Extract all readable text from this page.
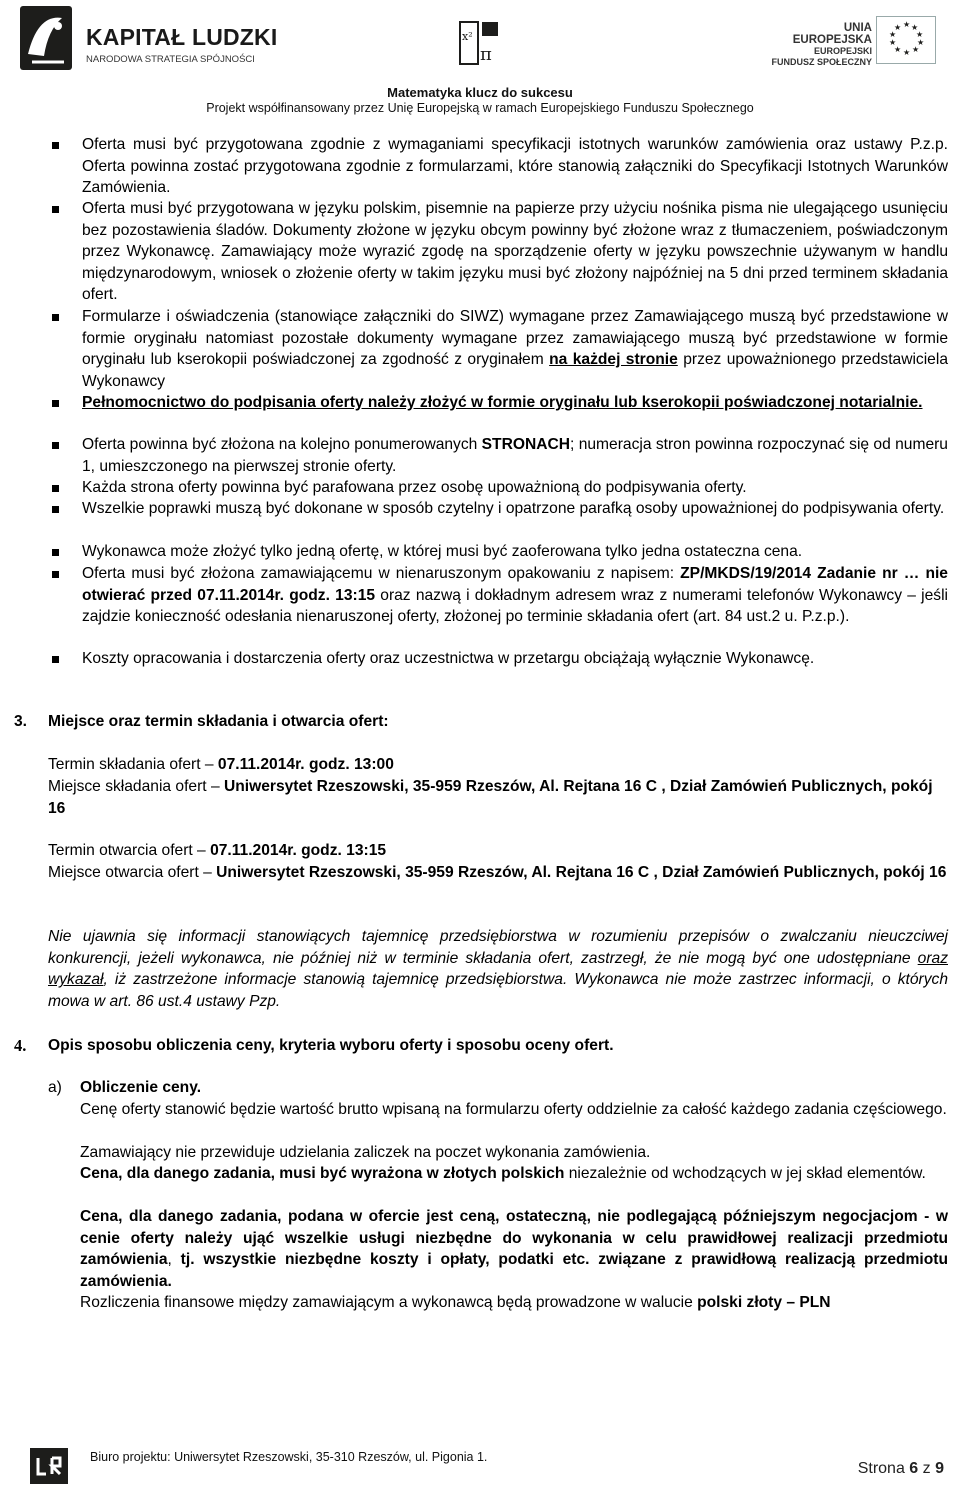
KAPITAŁ LUDZKI
NARODOWA STRATEGIA SPÓJNOŚCI
x²
π
UNIA EUROPEJSKA
EUROPEJSKI
FUNDUSZ SPOŁECZNY
★ ★
★
★
★
★
★
★
★
★
Matematyka klucz do sukcesu
Projekt współfinansowany przez Unię Europejską w ramach Europejskiego Funduszu Społecznego
Oferta musi być przygotowana zgodnie z wymaganiami specyfikacji istotnych warunków zamówienia oraz ustawy P.z.p. Oferta powinna zostać przygotowana zgodnie z formularzami, które stanowią załączniki do Specyfikacji Istotnych Warunków Zamówienia.
Oferta musi być przygotowana w języku polskim, pisemnie na papierze przy użyciu nośnika pisma nie ulegającego usunięciu bez pozostawienia śladów. Dokumenty złożone w języku obcym powinny być złożone wraz z tłumaczeniem, poświadczonym przez Wykonawcę. Zamawiający może wyrazić zgodę na sporządzenie oferty w języku powszechnie używanym w handlu międzynarodowym, wniosek o złożenie oferty w takim języku musi być złożony najpóźniej na 5 dni przed terminem składania ofert.
Formularze i oświadczenia (stanowiące załączniki do SIWZ) wymagane przez Zamawiającego muszą być przedstawione w formie oryginału natomiast pozostałe dokumenty wymagane przez zamawiającego muszą być przedstawione w formie oryginału lub kserokopii poświadczonej za zgodność z oryginałem na każdej stronie przez upoważnionego przedstawiciela Wykonawcy
Pełnomocnictwo do podpisania oferty należy złożyć w formie oryginału lub kserokopii poświadczonej notarialnie.
Oferta powinna być złożona na kolejno ponumerowanych STRONACH; numeracja stron powinna rozpoczynać się od numeru 1, umieszczonego na pierwszej stronie oferty.
Każda strona oferty powinna być parafowana przez osobę upoważnioną do podpisywania oferty.
Wszelkie poprawki muszą być dokonane w sposób czytelny i opatrzone parafką osoby upoważnionej do podpisywania oferty.
Wykonawca może złożyć tylko jedną ofertę, w której musi być zaoferowana tylko jedna ostateczna cena.
Oferta musi być złożona zamawiającemu w nienaruszonym opakowaniu z napisem: ZP/MKDS/19/2014 Zadanie nr … nie otwierać przed 07.11.2014r. godz. 13:15 oraz nazwą i dokładnym adresem wraz z numerami telefonów Wykonawcy – jeśli zajdzie konieczność odesłania nienaruszonej oferty, złożonej po terminie składania ofert (art. 84 ust.2 u. P.z.p.).
Koszty opracowania i dostarczenia oferty oraz uczestnictwa w przetargu obciążają wyłącznie Wykonawcę.
3. Miejsce oraz termin składania i otwarcia ofert:
Termin składania ofert – 07.11.2014r. godz. 13:00
Miejsce składania ofert – Uniwersytet Rzeszowski, 35-959 Rzeszów, Al. Rejtana 16 C , Dział Zamówień Publicznych, pokój 16
Termin otwarcia ofert – 07.11.2014r. godz. 13:15
Miejsce otwarcia ofert – Uniwersytet Rzeszowski, 35-959 Rzeszów, Al. Rejtana 16 C , Dział Zamówień Publicznych, pokój 16
Nie ujawnia się informacji stanowiących tajemnicę przedsiębiorstwa w rozumieniu przepisów o zwalczaniu nieuczciwej konkurencji, jeżeli wykonawca, nie później niż w terminie składania ofert, zastrzegł, że nie mogą być one udostępniane oraz wykazał, iż zastrzeżone informacje stanowią tajemnicę przedsiębiorstwa. Wykonawca nie może zastrzec informacji, o których mowa w art. 86 ust.4 ustawy Pzp.
4. Opis sposobu obliczenia ceny, kryteria wyboru oferty i sposobu oceny ofert.
a) Obliczenie ceny.
Cenę oferty stanowić będzie wartość brutto wpisaną na formularzu oferty oddzielnie za całość każdego zadania częściowego.
Zamawiający nie przewiduje udzielania zaliczek na poczet wykonania zamówienia.
Cena, dla danego zadania, musi być wyrażona w złotych polskich niezależnie od wchodzących w jej skład elementów.
Cena, dla danego zadania, podana w ofercie jest ceną, ostateczną, nie podlegającą późniejszym negocjacjom - w cenie oferty należy ująć wszelkie usługi niezbędne do wykonania w celu prawidłowej realizacji przedmiotu zamówienia, tj. wszystkie niezbędne koszty i opłaty, podatki etc. związane z prawidłową realizacją przedmiotu zamówienia.
Rozliczenia finansowe między zamawiającym a wykonawcą będą prowadzone w walucie polski złoty – PLN
Biuro projektu: Uniwersytet Rzeszowski, 35-310 Rzeszów, ul. Pigonia 1.
Strona 6 z 9
